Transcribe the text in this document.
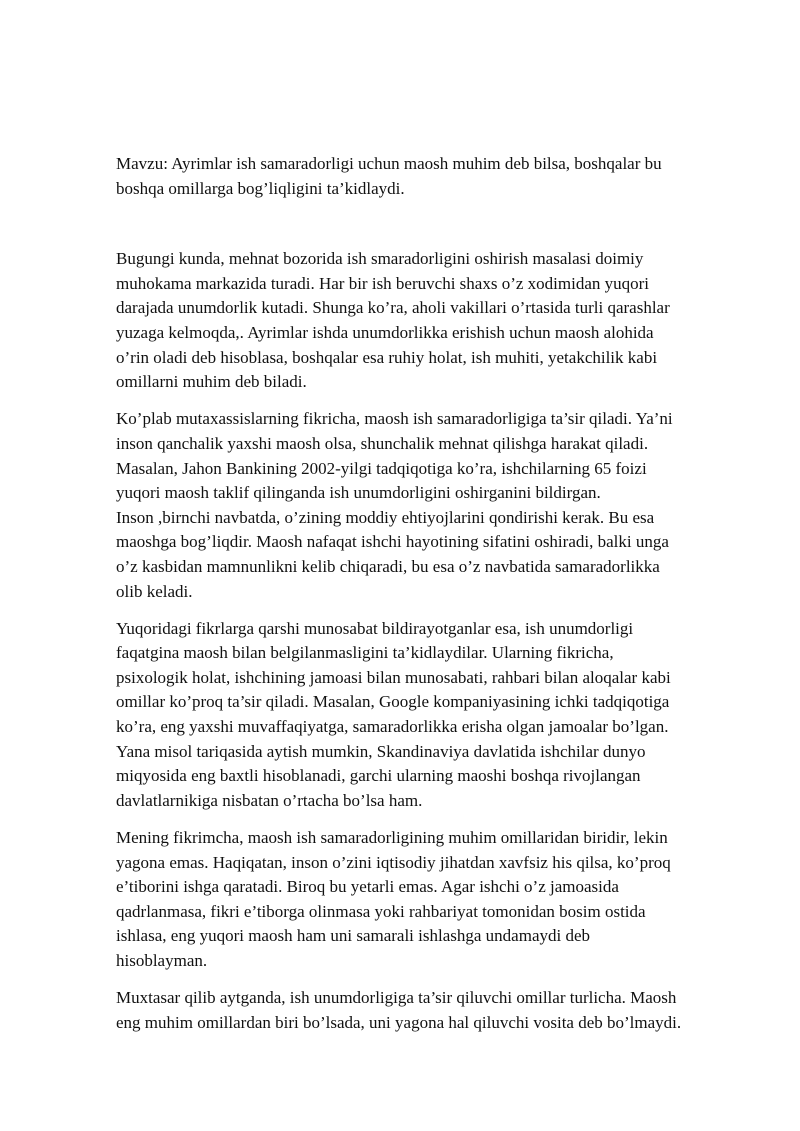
Mavzu: Ayrimlar ish samaradorligi uchun maosh muhim deb bilsa, boshqalar bu
boshqa omillarga bog’liqligini ta’kidlaydi.
Bugungi kunda, mehnat bozorida ish smaradorligini oshirish masalasi doimiy
muhokama markazida turadi. Har bir ish beruvchi shaxs o’z xodimidan yuqori
darajada unumdorlik kutadi. Shunga ko’ra, aholi vakillari o’rtasida turli qarashlar
yuzaga kelmoqda,. Ayrimlar ishda unumdorlikka erishish uchun maosh alohida
o’rin oladi deb hisoblasa, boshqalar esa ruhiy holat, ish muhiti, yetakchilik kabi
omillarni muhim deb biladi.
Ko’plab mutaxassislarning fikricha, maosh ish samaradorligiga ta’sir qiladi. Ya’ni
inson qanchalik yaxshi maosh olsa, shunchalik mehnat qilishga harakat qiladi.
Masalan, Jahon Bankining 2002-yilgi tadqiqotiga ko’ra, ishchilarning 65 foizi
yuqori maosh taklif qilinganda ish unumdorligini oshirganini bildirgan.
Inson ,birnchi navbatda, o’zining moddiy ehtiyojlarini qondirishi kerak. Bu esa
maoshga bog’liqdir. Maosh nafaqat ishchi hayotining sifatini oshiradi, balki unga
o’z kasbidan mamnunlikni kelib chiqaradi, bu esa o’z navbatida samaradorlikka
olib keladi.
Yuqoridagi fikrlarga qarshi munosabat bildirayotganlar esa, ish unumdorligi
faqatgina maosh bilan belgilanmasligini ta’kidlaydilar. Ularning fikricha,
psixologik holat, ishchining jamoasi bilan munosabati, rahbari bilan aloqalar kabi
omillar ko’proq ta’sir qiladi. Masalan, Google kompaniyasining ichki tadqiqotiga
ko’ra, eng yaxshi muvaffaqiyatga, samaradorlikka erisha olgan jamoalar bo’lgan.
Yana misol tariqasida aytish mumkin, Skandinaviya davlatida ishchilar dunyo
miqyosida eng baxtli hisoblanadi, garchi ularning maoshi boshqa rivojlangan
davlatlarnikiga nisbatan o’rtacha bo’lsa ham.
Mening fikrimcha, maosh ish samaradorligining muhim omillaridan biridir, lekin
yagona emas. Haqiqatan, inson o’zini iqtisodiy jihatdan xavfsiz his qilsa, ko’proq
e’tiborini ishga qaratadi. Biroq bu yetarli emas. Agar ishchi o’z jamoasida
qadrlanmasa, fikri e’tiborga olinmasa yoki rahbariyat tomonidan bosim ostida
ishlasa, eng yuqori maosh ham uni samarali ishlashga undamaydi deb
hisoblayman.
Muxtasar qilib aytganda, ish unumdorligiga ta’sir qiluvchi omillar turlicha. Maosh
eng muhim omillardan biri bo’lsada, uni yagona hal qiluvchi vosita deb bo’lmaydi.
